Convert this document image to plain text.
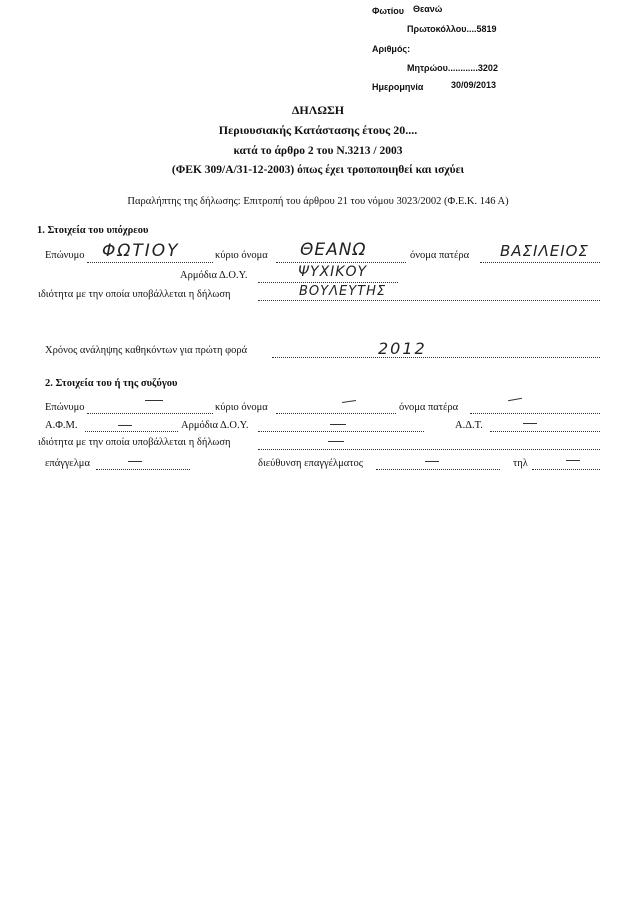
Φωτίου Θεανώ
Πρωτοκόλλου....5819
Αριθμός:
Μητρώου............3202
Ημερομηνία	30/09/2013
ΔΗΛΩΣΗ
Περιουσιακής Κατάστασης έτους 20....
κατά το άρθρο 2 του Ν.3213 / 2003
(ΦΕΚ 309/Α/31-12-2003) όπως έχει τροποποιηθεί και ισχύει
Παραλήπτης της δήλωσης: Επιτροπή του άρθρου 21 του νόμου 3023/2002 (Φ.Ε.Κ. 146 Α)
1. Στοιχεία του υπόχρεου
Επώνυμο ΦΩΤΙΟΥ	κύριο όνομα ΘΕΑΝΩ	όνομα πατέρα ΒΑΣΙΛΕΙΟΣ
Αρμόδια Δ.Ο.Υ.	ΨΥΧΙΚΟΥ
ιδιότητα με την οποία υποβάλλεται η δήλωση	ΒΟΥΛΕΥΤΗΣ
Χρόνος ανάληψης καθηκόντων για πρώτη φορά	2012
2. Στοιχεία του ή της συζύγου
Επώνυμο	κύριο όνομα	όνομα πατέρα
Α.Φ.Μ.	Αρμόδια Δ.Ο.Υ.	Α.Δ.Τ.
ιδιότητα με την οποία υποβάλλεται η δήλωση
επάγγελμα	διεύθυνση επαγγέλματος	τηλ
